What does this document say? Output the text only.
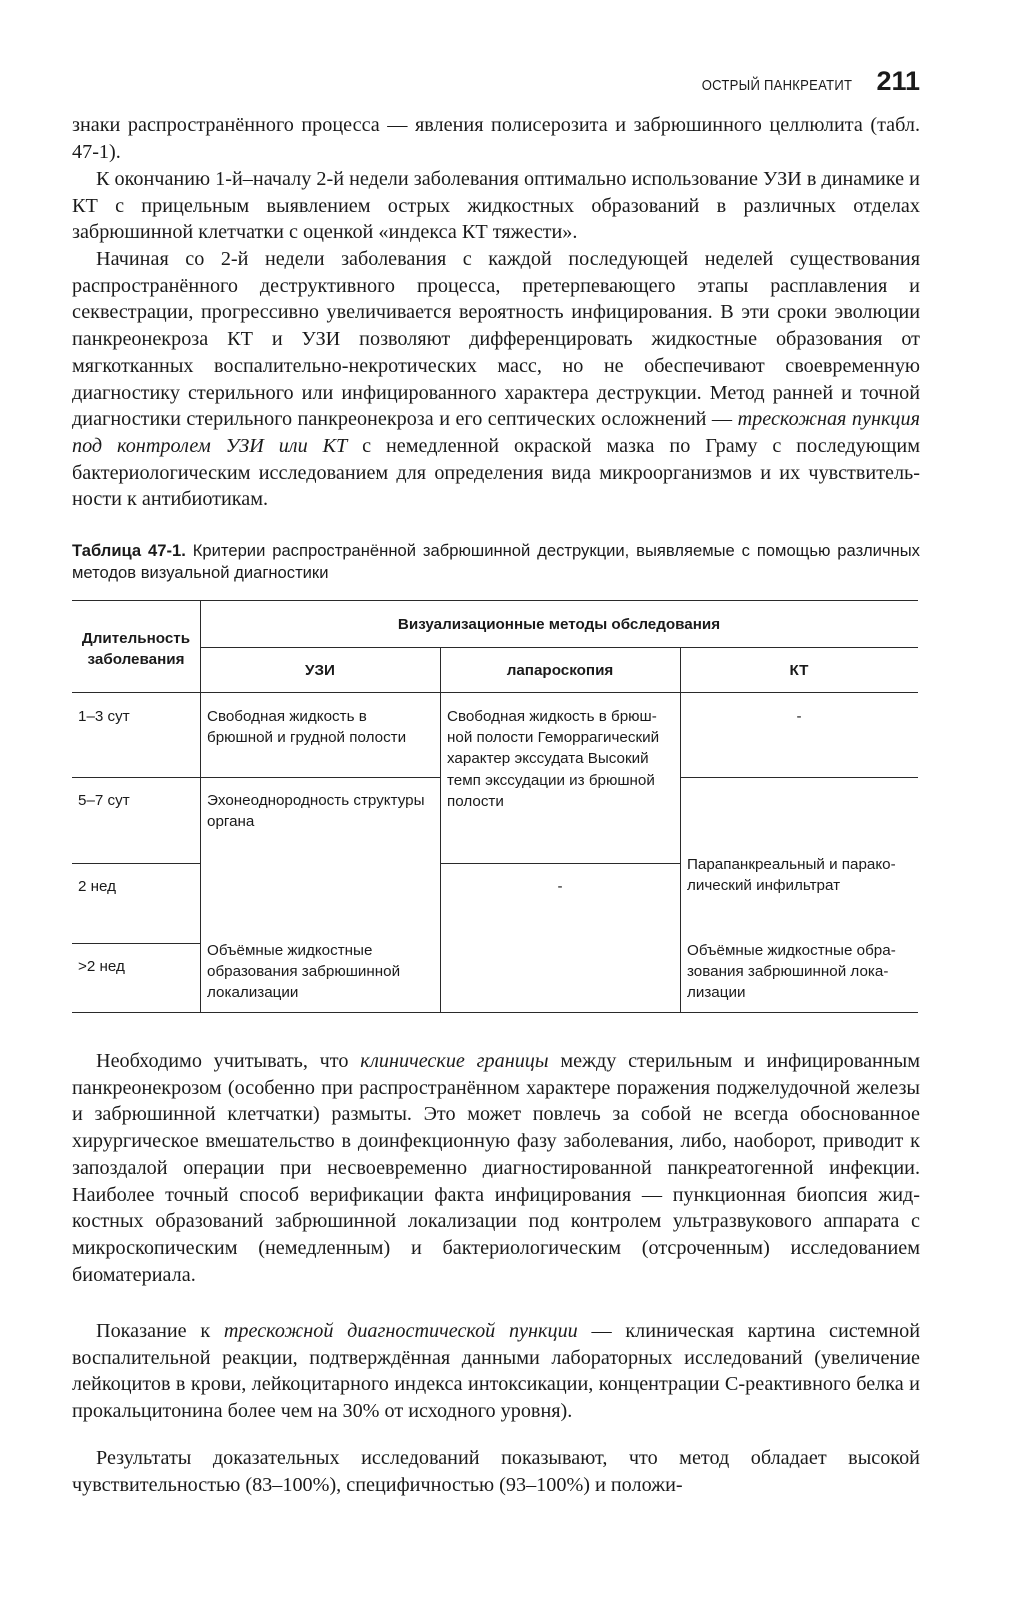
ОСТРЫЙ ПАНКРЕАТИТ 211

знаки распространённого процесса — явления полисерозита и забрюшинного целлюлита (табл. 47-1).

К окончанию 1-й–началу 2-й недели заболевания оптимально использование УЗИ в динамике и КТ с прицельным выявлением острых жидкостных образований в различных отделах забрюшинной клетчатки с оценкой «индекса КТ тяжести».

Начиная со 2-й недели заболевания с каждой последующей неделей существования распространённого деструктивного процесса, претерпевающего этапы расплавления и секвестрации, прогрессивно увеличивается вероятность инфицирования. В эти сроки эволюции панкреонекроза КТ и УЗИ позволяют дифференцировать жидкостные образования от мягкотканных воспалительно-некротических масс, но не обеспечивают своевременную диагностику стерильного или инфицированного характера деструкции. Метод ранней и точной диагностики стерильного панкреонекроза и его септических осложнений — трескожная пункция под контролем УЗИ или КТ с немедленной окраской мазка по Граму с последующим бактериологическим исследованием для определения вида микроорганизмов и их чувствительности к антибиотикам.

Таблица 47-1. Критерии распространённой забрюшинной деструкции, выявляемые с помощью различных методов визуальной диагностики

Длительность заболевания
Визуализационные методы обследования
УЗИ	лапароскопия	КТ
1–3 сут
5–7 сут
2 нед
>2 нед
Свободная жидкость в брюшной и грудной полости
Эхонеоднородность структуры органа
Объёмные жидкостные образования забрюшинной локализации
Свободная жидкость в брюшной полости Геморрагический характер экссудата Высокий темп экссудации из брюшной полости
-
-
Парапанкреальный и параколический инфильтрат
Объёмные жидкостные образования забрюшинной локализации

Необходимо учитывать, что клинические границы между стерильным и инфицированным панкреонекрозом (особенно при распространённом характере поражения поджелудочной железы и забрюшинной клетчатки) размыты. Это может повлечь за собой не всегда обоснованное хирургическое вмешательство в доинфекционную фазу заболевания, либо, наоборот, приводит к запоздалой операции при несвоевременно диагностированной панкреатогенной инфекции. Наиболее точный способ верификации факта инфицирования — пункционная биопсия жидкостных образований забрюшинной локализации под контролем ультразвукового аппарата с микроскопическим (немедленным) и бактериологическим (отсроченным) исследованием биоматериала.

Показание к трескожной диагностической пункции — клиническая картина системной воспалительной реакции, подтверждённая данными лабораторных исследований (увеличение лейкоцитов в крови, лейкоцитарного индекса интоксикации, концентрации С-реактивного белка и прокальцитонина более чем на 30% от исходного уровня).

Результаты доказательных исследований показывают, что метод обладает высокой чувствительностью (83–100%), специфичностью (93–100%) и положи-
